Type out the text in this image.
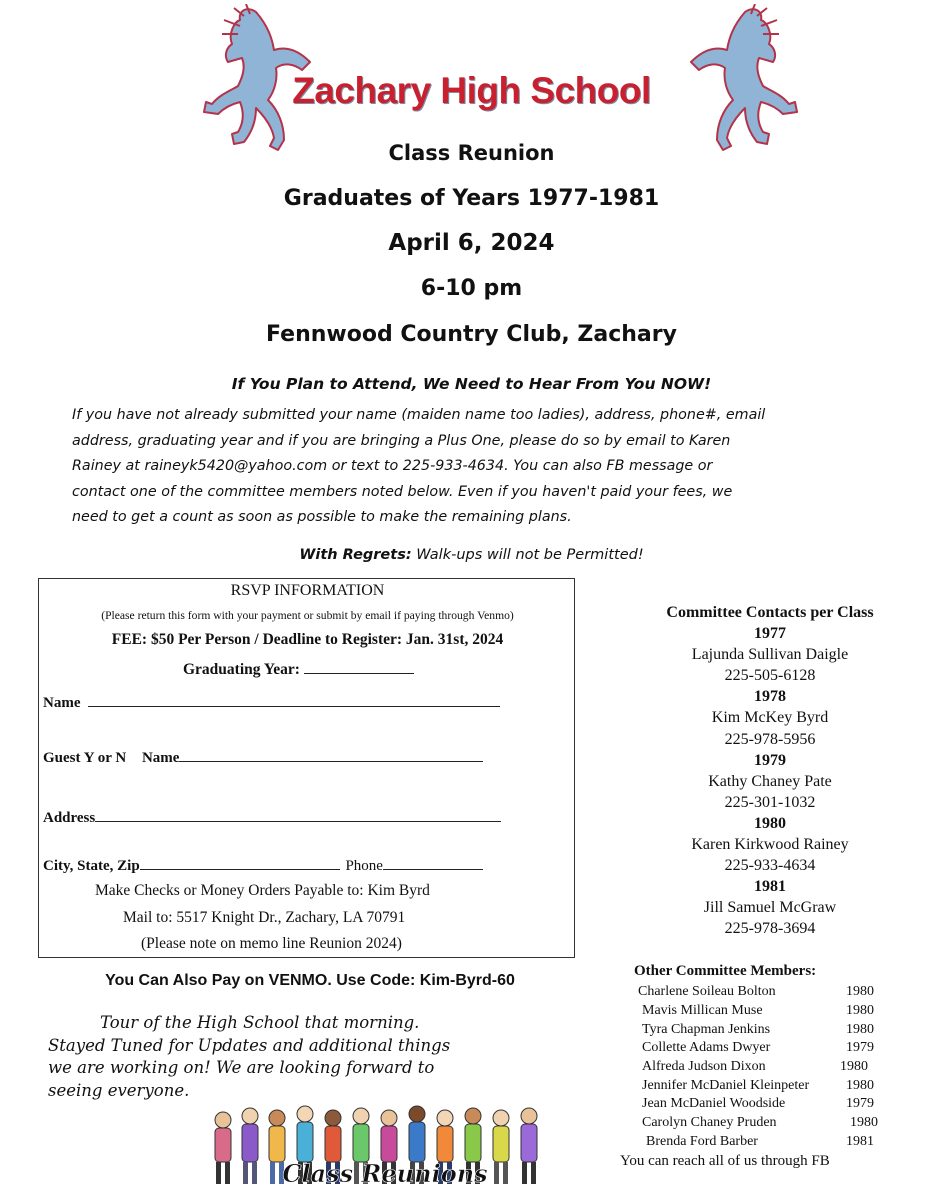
Zachary High School
Class Reunion
Graduates of Years 1977-1981
April 6, 2024
6-10 pm
Fennwood Country Club, Zachary
If You Plan to Attend, We Need to Hear From You NOW!
If you have not already submitted your name (maiden name too ladies), address, phone#, email
address, graduating year and if you are bringing a Plus One, please do so by email to Karen
Rainey at raineyk5420@yahoo.com or text to 225-933-4634. You can also FB message or
contact one of the committee members noted below. Even if you haven't paid your fees, we
need to get a count as soon as possible to make the remaining plans.
With Regrets: Walk-ups will not be Permitted!
RSVP INFORMATION
(Please return this form with your payment or submit by email if paying through Venmo)
FEE: $50 Per Person / Deadline to Register: Jan. 31st, 2024
Graduating Year:
Name
Guest Y or N Name
Address
City, State, Zip	Phone
Make Checks or Money Orders Payable to: Kim Byrd
Mail to: 5517 Knight Dr., Zachary, LA 70791
(Please note on memo line Reunion 2024)
You Can Also Pay on VENMO. Use Code: Kim-Byrd-60
Tour of the High School that morning.
Stayed Tuned for Updates and additional things
we are working on! We are looking forward to
seeing everyone.
Class Reunions
Committee Contacts per Class
1977
Lajunda Sullivan Daigle
225-505-6128
1978
Kim McKey Byrd
225-978-5956
1979
Kathy Chaney Pate
225-301-1032
1980
Karen Kirkwood Rainey
225-933-4634
1981
Jill Samuel McGraw
225-978-3694
Other Committee Members:
Charlene Soileau Bolton	1980
Mavis Millican Muse	1980
Tyra Chapman Jenkins	1980
Collette Adams Dwyer	1979
Alfreda Judson Dixon	1980
Jennifer McDaniel Kleinpeter	1980
Jean McDaniel Woodside	1979
Carolyn Chaney Pruden	1980
Brenda Ford Barber	1981
You can reach all of us through FB
